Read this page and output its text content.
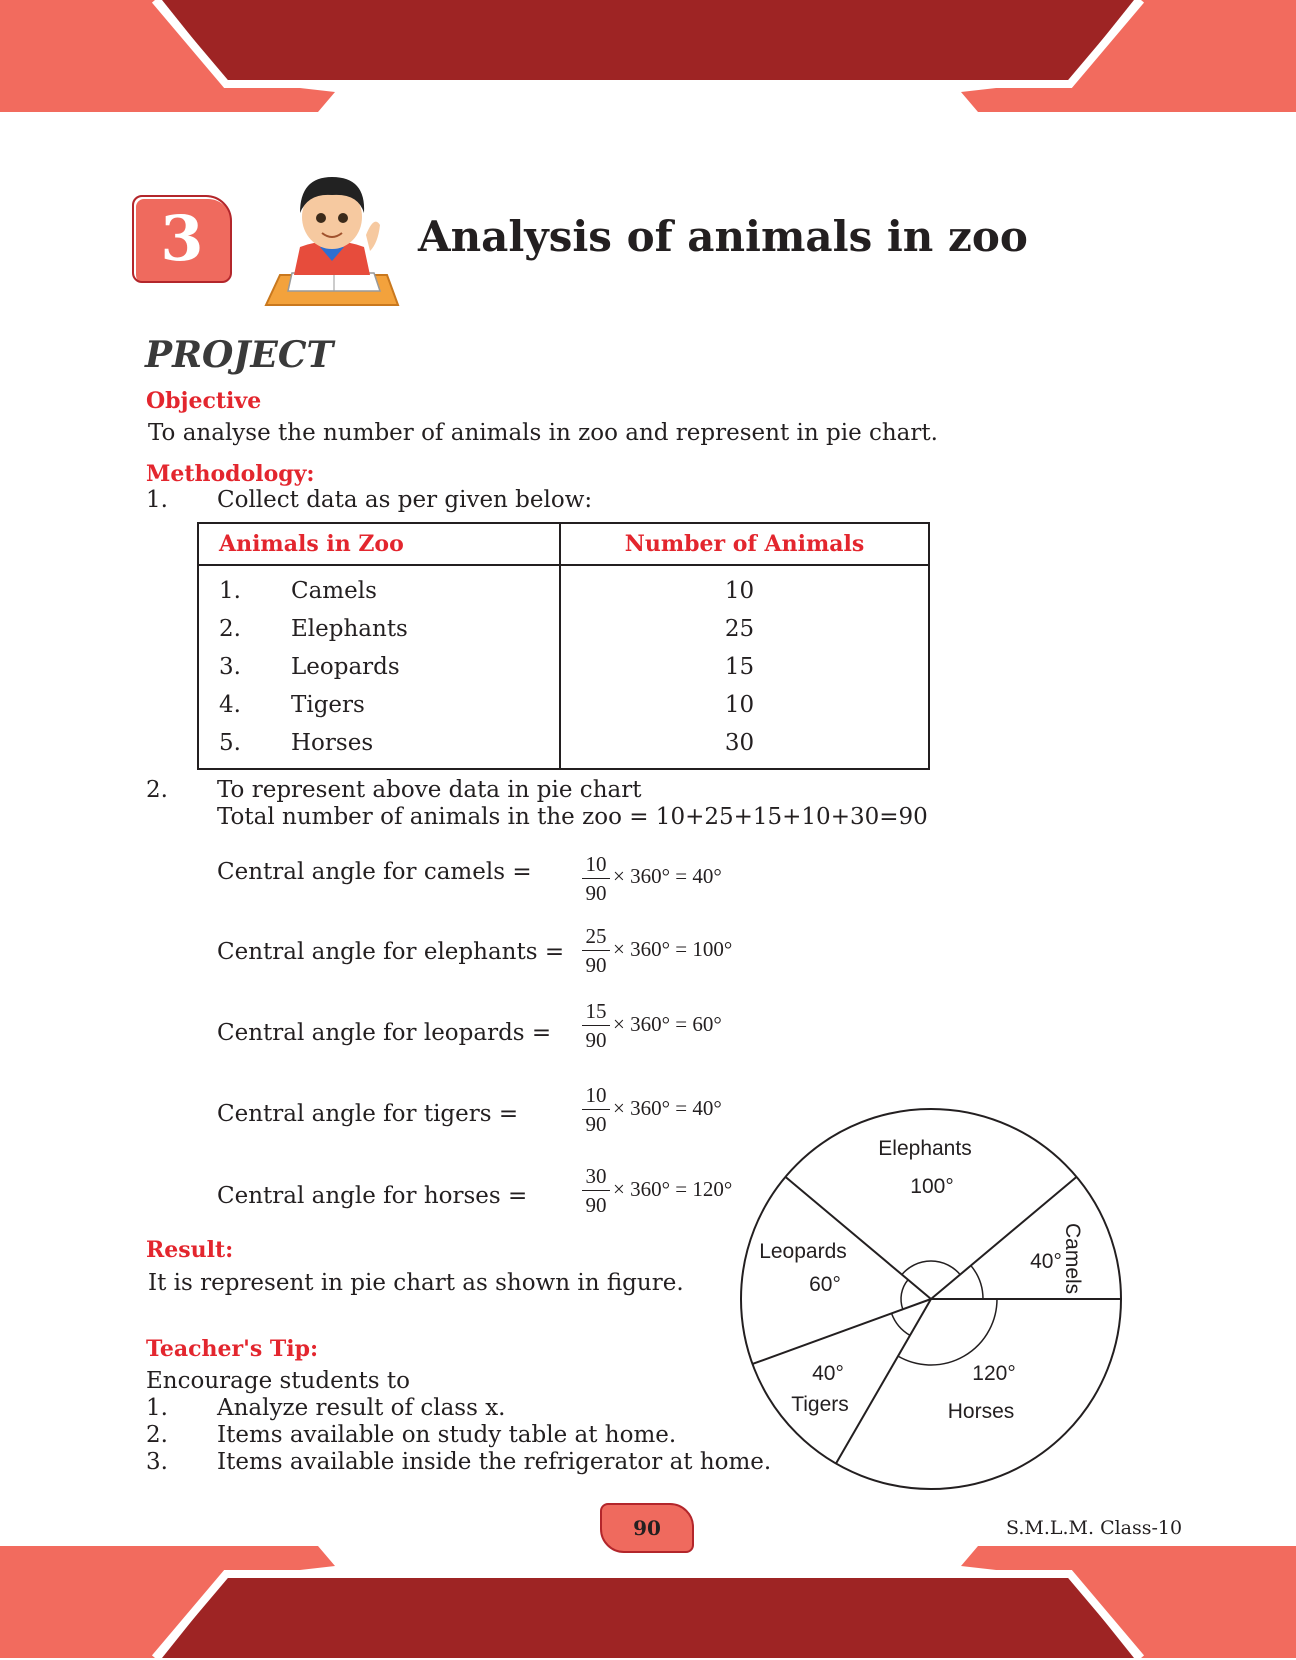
3	Analysis of animals in zoo
PROJECT
Objective
To analyse the number of animals in zoo and represent in pie chart.
Methodology:
1. Collect data as per given below:
Animals in Zoo	Number of Animals
1. Camels	10
2. Elephants	25
3. Leopards	15
4. Tigers	10
5. Horses	30
2. To represent above data in pie chart
Total number of animals in the zoo = 10+25+15+10+30=90
Central angle for camels = $\frac{10}{90} \times 360^\circ = 40^\circ$
Central angle for elephants = $\frac{25}{90} \times 360^\circ = 100^\circ$
Central angle for leopards = $\frac{15}{90} \times 360^\circ = 60^\circ$
Central angle for tigers =	$\frac{10}{90} \times 360^\circ = 40^\circ$
Central angle for horses =	$\frac{30}{90} \times 360^\circ = 120^\circ$
Result:
It is represent in pie chart as shown in figure.
Teacher's Tip:
Encourage students to
1. Analyze result of class x.
2. Items available on study table at home.
3. Items available inside the refrigerator at home.
Elephants
100°
Leopards
60°
40° Camels
40°
Tigers
120°
Horses
90	S.M.L.M. Class-10
